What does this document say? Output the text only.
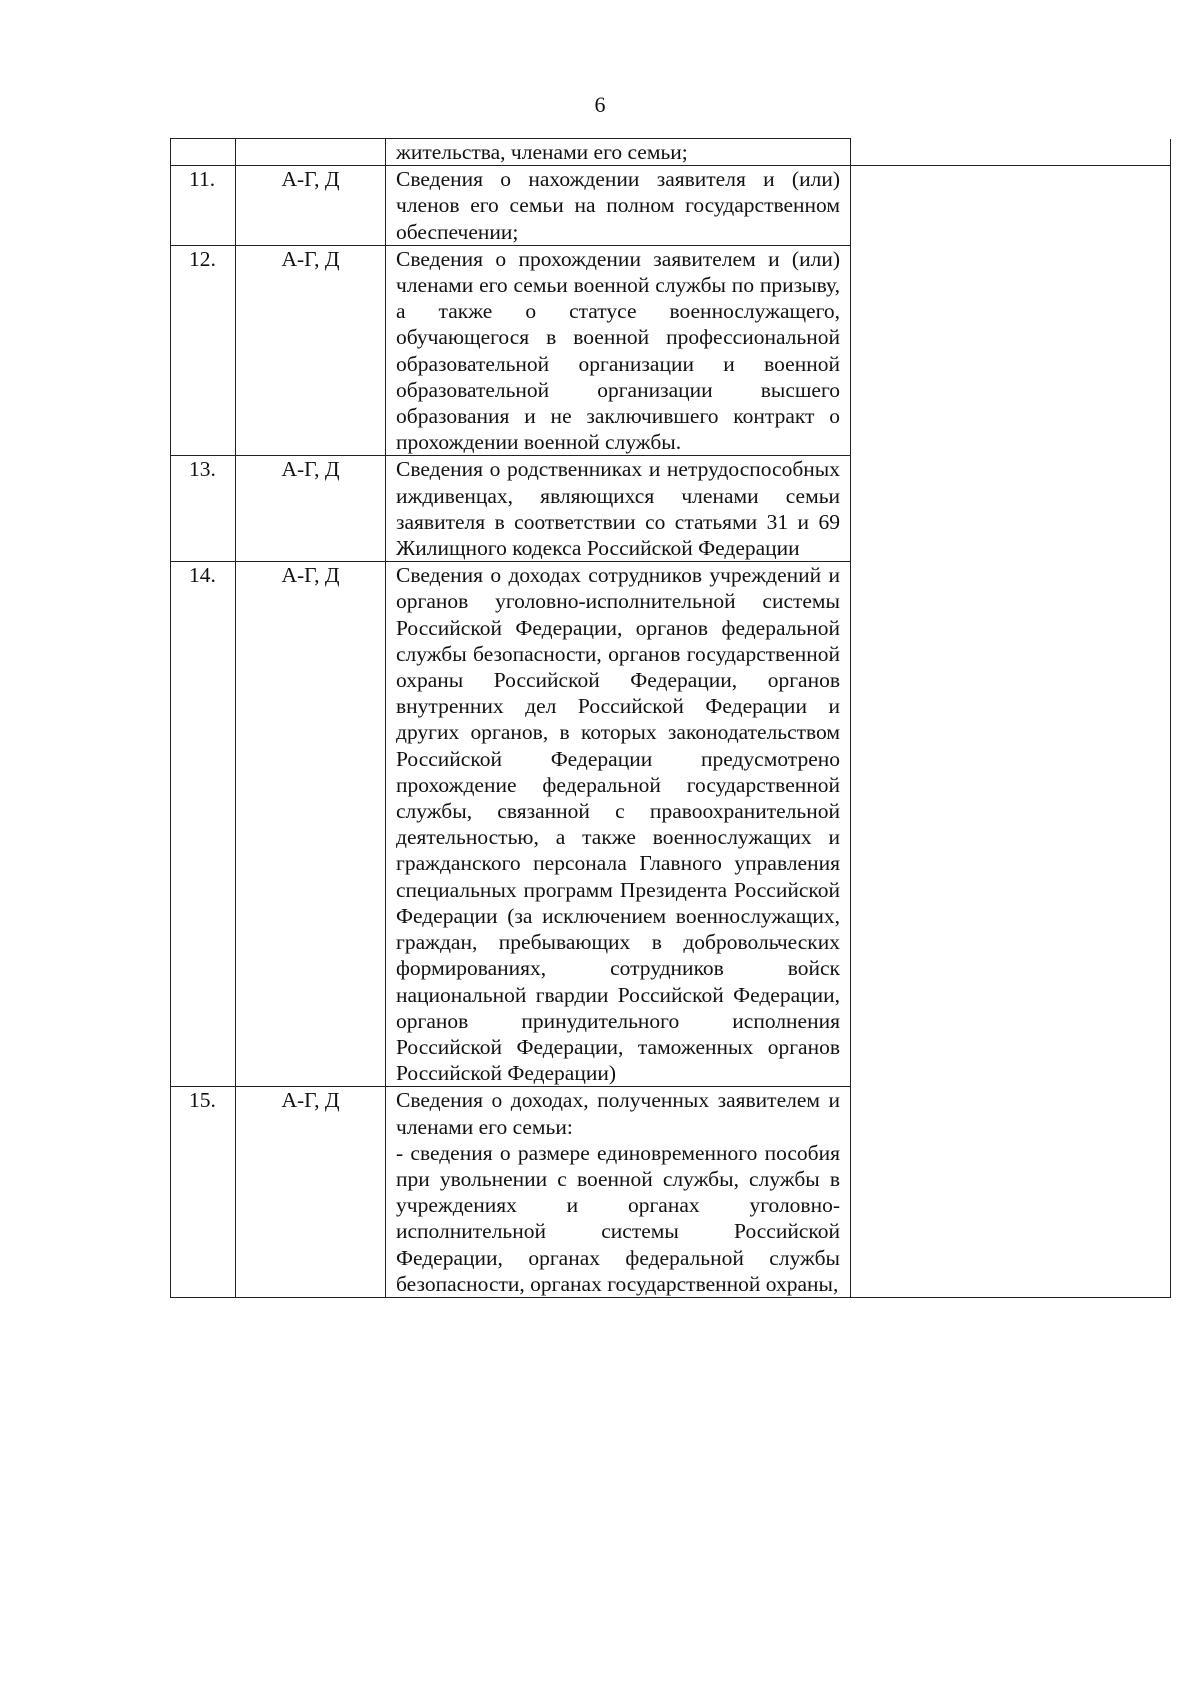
6

		жительства, членами его семьи;	

11.	А-Г, Д	Сведения о нахождении заявителя и (или) членов его семьи на полном государственном обеспечении;	

12.	А-Г, Д	Сведения о прохождении заявителем и (или) членами его семьи военной службы по призыву, а также о статусе военнослужащего, обучающегося в военной профессиональной образовательной организации и военной образовательной организации высшего образования и не заключившего контракт о прохождении военной службы.	

13.	А-Г, Д	Сведения о родственниках и нетрудоспособных иждивенцах, являющихся членами семьи заявителя в соответствии со статьями 31 и 69 Жилищного кодекса Российской Федерации	

14.	А-Г, Д	Сведения о доходах сотрудников учреждений и органов уголовно-исполнительной системы Российской Федерации, органов федеральной службы безопасности, органов государственной охраны Российской Федерации, органов внутренних дел Российской Федерации и других органов, в которых законодательством Российской Федерации предусмотрено прохождение федеральной государственной службы, связанной с правоохранительной деятельностью, а также военнослужащих и гражданского персонала Главного управления специальных программ Президента Российской Федерации (за исключением военнослужащих, граждан, пребывающих в добровольческих формированиях, сотрудников войск национальной гвардии Российской Федерации, органов принудительного исполнения Российской Федерации, таможенных органов Российской Федерации)	

15.	А-Г, Д	Сведения о доходах, полученных заявителем и членами его семьи:

- сведения о размере единовременного пособия при увольнении с военной службы, службы в учреждениях и органах уголовно-исполнительной системы Российской Федерации, органах федеральной службы безопасности, органах государственной охраны,	
